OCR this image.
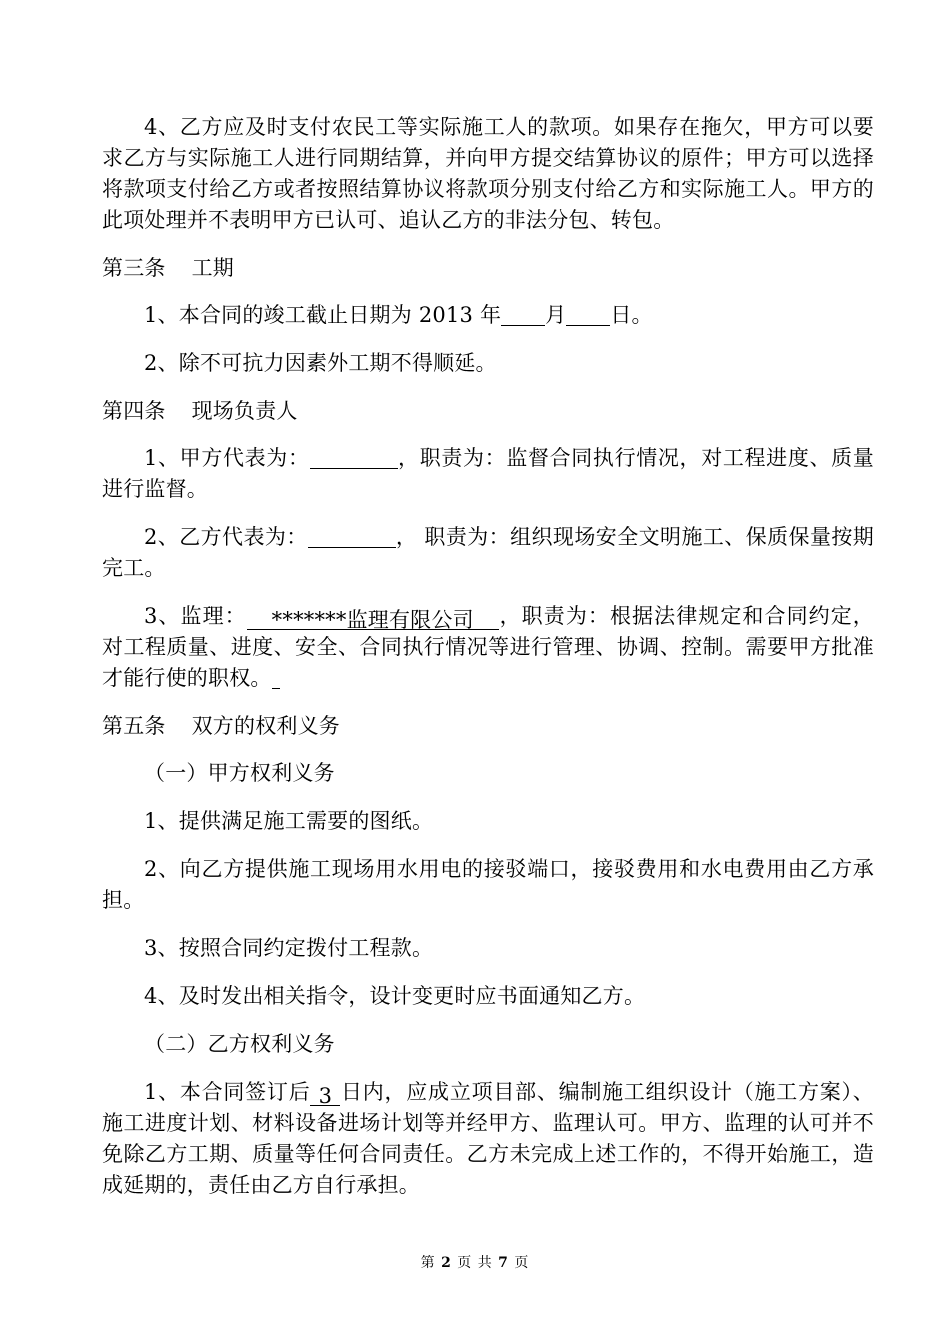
4、乙方应及时支付农民工等实际施工人的款项。如果存在拖欠，甲方可以要求乙方与实际施工人进行同期结算，并向甲方提交结算协议的原件；甲方可以选择将款项支付给乙方或者按照结算协议将款项分别支付给乙方和实际施工人。甲方的此项处理并不表明甲方已认可、追认乙方的非法分包、转包。

第三条 工期

1、本合同的竣工截止日期为 2013 年 月 日。

2、除不可抗力因素外工期不得顺延。

第四条 现场负责人

1、甲方代表为：	，职责为：监督合同执行情况，对工程进度、质量进行监督。

2、乙方代表为：	， 职责为：组织现场安全文明施工、保质保量按期完工。

3、监理： *******监理有限公司 ，职责为：根据法律规定和合同约定，对工程质量、进度、安全、合同执行情况等进行管理、协调、控制。需要甲方批准才能行使的职权。

第五条 双方的权利义务

（一）甲方权利义务

1、提供满足施工需要的图纸。

2、向乙方提供施工现场用水用电的接驳端口，接驳费用和水电费用由乙方承担。

3、按照合同约定拨付工程款。

4、及时发出相关指令，设计变更时应书面通知乙方。

（二）乙方权利义务

1、本合同签订后 3 日内，应成立项目部、编制施工组织设计（施工方案）、施工进度计划、材料设备进场计划等并经甲方、监理认可。甲方、监理的认可并不免除乙方工期、质量等任何合同责任。乙方未完成上述工作的，不得开始施工，造成延期的，责任由乙方自行承担。

第 2 页 共 7 页
